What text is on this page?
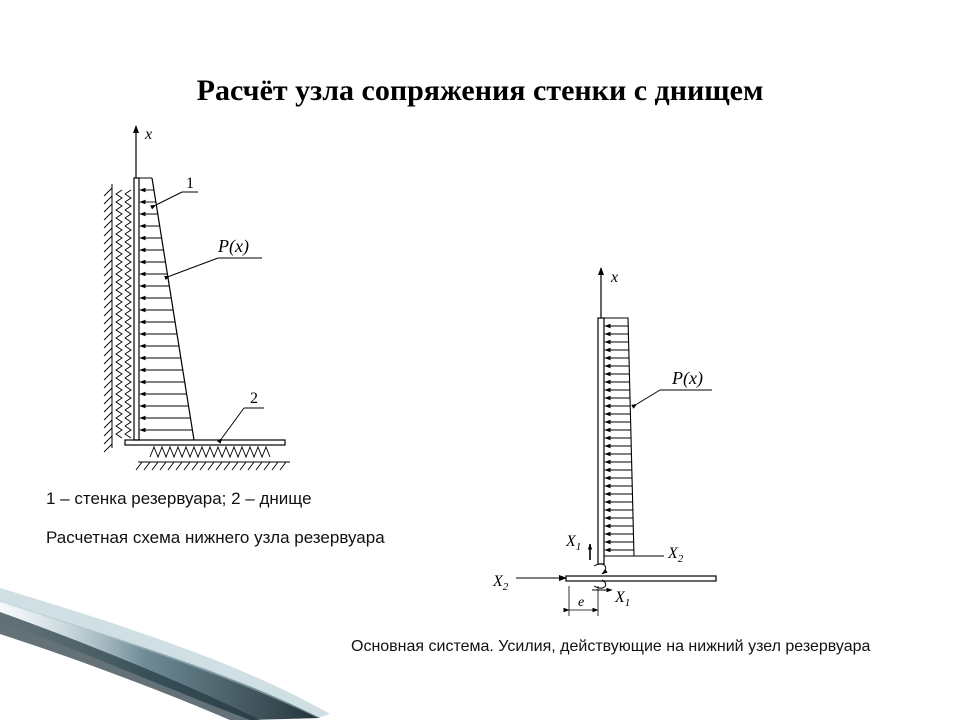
Расчёт узла сопряжения стенки с днищем
x
1
P(x)
2
x
P(x)
$X_1$	$X_2$
$X_2$
$X_1$
e
1 – стенка резервуара; 2 – днище
Расчетная схема нижнего узла резервуара
Основная система. Усилия, действующие на нижний узел резервуара
